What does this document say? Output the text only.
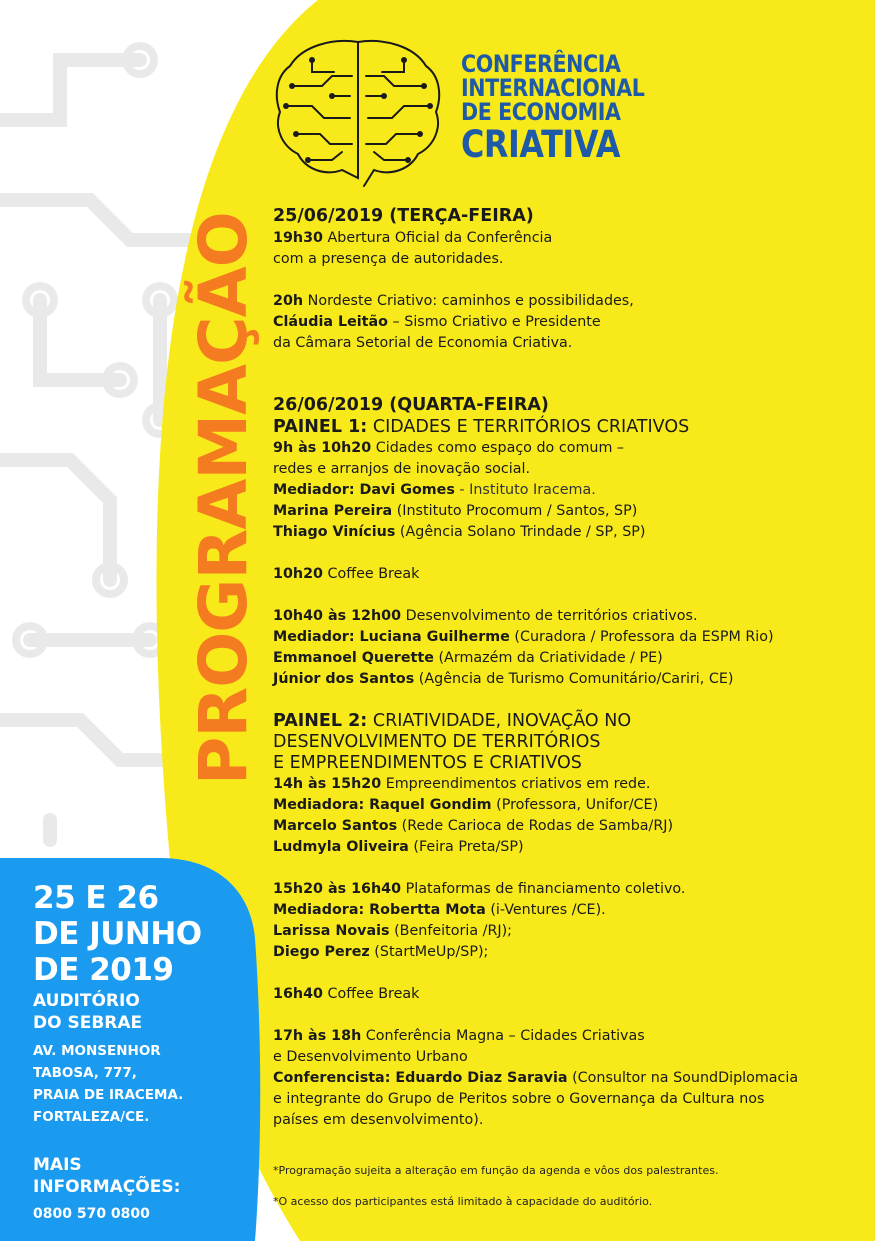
CONFERÊNCIA
INTERNACIONAL
DE ECONOMIA
CRIATIVA
PROGRAMAÇÃO 25/06/2019 (TERÇA-FEIRA)
19h30 Abertura Oficial da Conferência
com a presença de autoridades.
20h Nordeste Criativo: caminhos e possibilidades,
Cláudia Leitão – Sismo Criativo e Presidente
da Câmara Setorial de Economia Criativa.
26/06/2019 (QUARTA-FEIRA)
PAINEL 1: CIDADES E TERRITÓRIOS CRIATIVOS
9h às 10h20 Cidades como espaço do comum –
redes e arranjos de inovação social.
Mediador: Davi Gomes - Instituto Iracema.
Marina Pereira (Instituto Procomum / Santos, SP)
Thiago Vinícius (Agência Solano Trindade / SP, SP)
10h20 Coffee Break
10h40 às 12h00 Desenvolvimento de territórios criativos.
Mediador: Luciana Guilherme (Curadora / Professora da ESPM Rio)
Emmanoel Querette (Armazém da Criatividade / PE)
Júnior dos Santos (Agência de Turismo Comunitário/Cariri, CE)
PAINEL 2: CRIATIVIDADE, INOVAÇÃO NO
DESENVOLVIMENTO DE TERRITÓRIOS
E EMPREENDIMENTOS E CRIATIVOS
14h às 15h20 Empreendimentos criativos em rede.
Mediadora: Raquel Gondim (Professora, Unifor/CE)
Marcelo Santos (Rede Carioca de Rodas de Samba/RJ)
Ludmyla Oliveira (Feira Preta/SP)
15h20 às 16h40 Plataformas de financiamento coletivo.
Mediadora: Robertta Mota (i-Ventures /CE).
Larissa Novais (Benfeitoria /RJ);
Diego Perez (StartMeUp/SP);
16h40 Coffee Break
17h às 18h Conferência Magna – Cidades Criativas
e Desenvolvimento Urbano
Conferencista: Eduardo Diaz Saravia (Consultor na SoundDiplomacia
e integrante do Grupo de Peritos sobre o Governança da Cultura nos
países em desenvolvimento).
*Programação sujeita a alteração em função da agenda e vôos dos palestrantes.
*O acesso dos participantes está limitado à capacidade do auditório.
25 E 26
DE JUNHO
DE 2019
AUDITÓRIO
DO SEBRAE
AV. MONSENHOR
TABOSA, 777,
PRAIA DE IRACEMA.
FORTALEZA/CE.
MAIS
INFORMAÇÕES:
0800 570 0800
